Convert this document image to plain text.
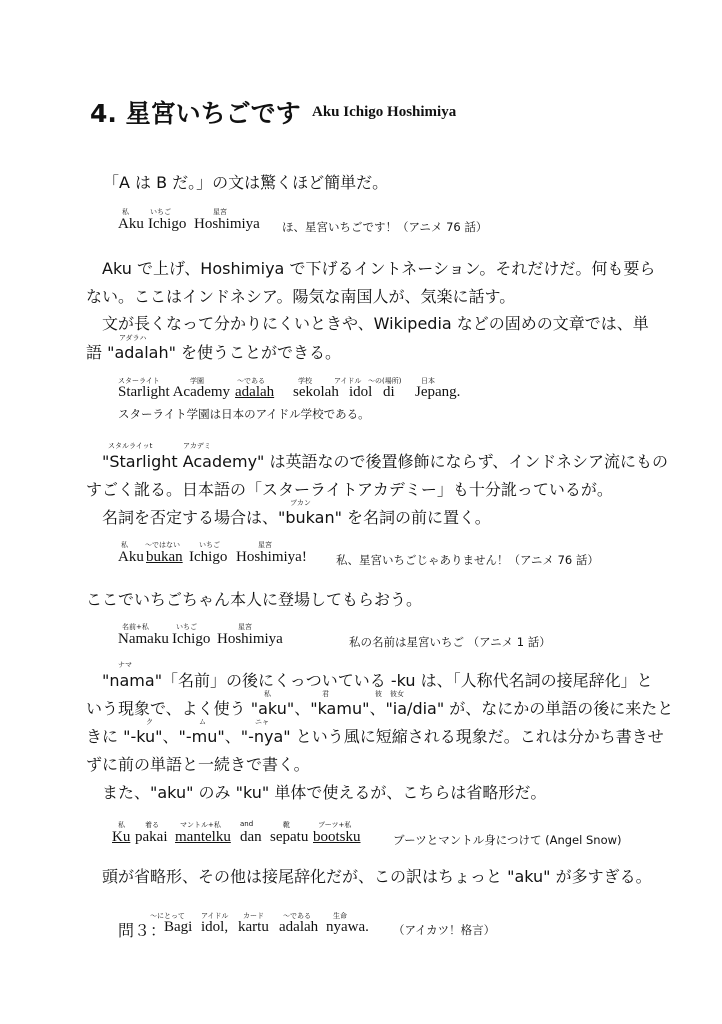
4. 星宮いちごです Aku Ichigo Hoshimiya
「A は B だ。」の文は驚くほど簡単だ。
私	いちご	星宮
Aku Ichigo Hoshimiya ほ、星宮いちごです！（アニメ 76 話）
Aku で上げ、Hoshimiya で下げるイントネーション。それだけだ。何も要ら
ない。ここはインドネシア。陽気な南国人が、気楽に話す。
文が長くなって分かりにくいときや、Wikipedia などの固めの文章では、単
アダラハ
語 "adalah" を使うことができる。
スターライト	学園	～である	学校	アイドル ～の(場所)	日本
Starlight Academy adalah sekolah idol di Jepang.
スターライト学園は日本のアイドル学校である。
スタルライッt	アカデミ
"Starlight Academy" は英語なので後置修飾にならず、インドネシア流にもの
すごく訛る。日本語の「スターライトアカデミー」も十分訛っているが。
ブカン
名詞を否定する場合は、"bukan" を名詞の前に置く。
私 ～ではない	いちご	星宮
Aku bukan Ichigo Hoshimiya!	私、星宮いちごじゃありません！（アニメ 76 話）
ここでいちごちゃん本人に登場してもらおう。
名前+私	いちご	星宮
Namaku Ichigo Hoshimiya	私の名前は星宮いちご （アニメ 1 話）
ナマ
"nama"「名前」の後にくっついている -ku は、「人称代名詞の接尾辞化」と
私	君	彼 彼女
いう現象で、よく使う "aku"、"kamu"、"ia/dia" が、なにかの単語の後に来たと
ク	ム	ニャ
きに "-ku"、"-mu"、"-nya" という風に短縮される現象だ。これは分かち書きせ
ずに前の単語と一続きで書く。
また、"aku" のみ "ku" 単体で使えるが、こちらは省略形だ。
私	着る	マントル+私	and	靴	ブーツ+私
Ku pakai mantelku dan sepatu bootsku	ブーツとマントル身につけて (Angel Snow)
頭が省略形、その他は接尾辞化だが、この訳はちょっと "aku" が多すぎる。
～にとって アイドル カード	～である	生命
問３：
Bagi idol, kartu adalah nyawa. （アイカツ！格言）
